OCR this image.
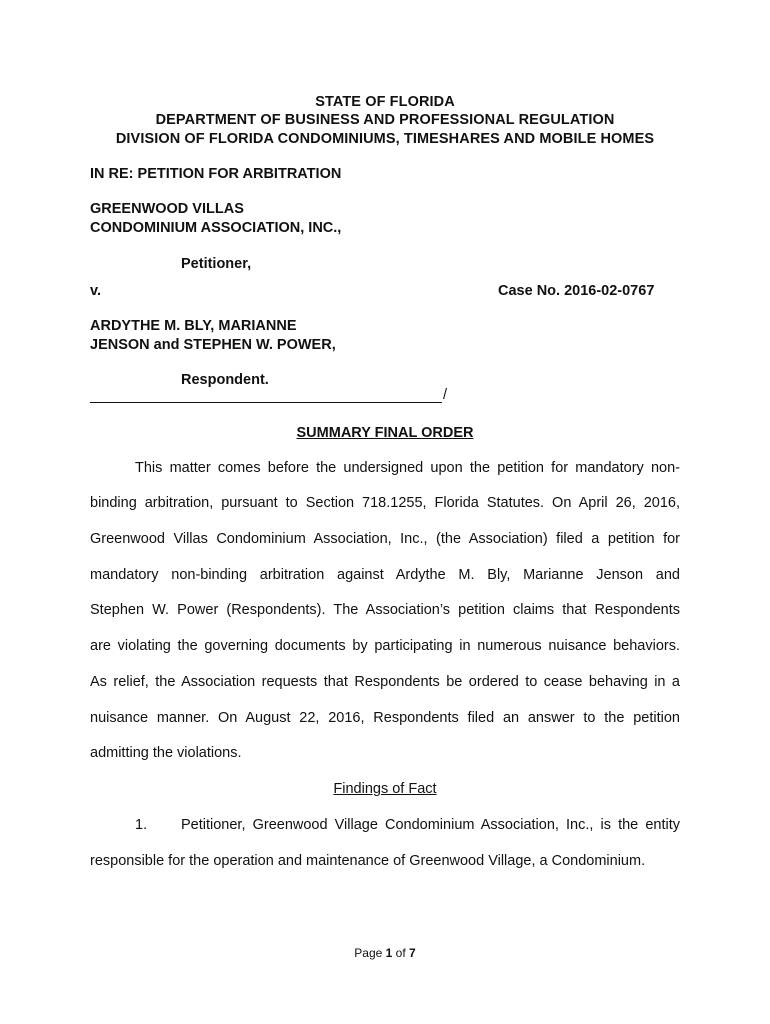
STATE OF FLORIDA
DEPARTMENT OF BUSINESS AND PROFESSIONAL REGULATION
DIVISION OF FLORIDA CONDOMINIUMS, TIMESHARES AND MOBILE HOMES
IN RE: PETITION FOR ARBITRATION
GREENWOOD VILLAS
CONDOMINIUM ASSOCIATION, INC.,
Petitioner,
v.	Case No. 2016-02-0767
ARDYTHE M. BLY, MARIANNE
JENSON and STEPHEN W. POWER,
Respondent.
/
SUMMARY FINAL ORDER
This matter comes before the undersigned upon the petition for mandatory non-
binding arbitration, pursuant to Section 718.1255, Florida Statutes. On April 26, 2016,
Greenwood Villas Condominium Association, Inc., (the Association) filed a petition for
mandatory non-binding arbitration against Ardythe M. Bly, Marianne Jenson and
Stephen W. Power (Respondents). The Association’s petition claims that Respondents
are violating the governing documents by participating in numerous nuisance behaviors.
As relief, the Association requests that Respondents be ordered to cease behaving in a
nuisance manner. On August 22, 2016, Respondents filed an answer to the petition
admitting the violations.
Findings of Fact
1. Petitioner, Greenwood Village Condominium Association, Inc., is the entity
responsible for the operation and maintenance of Greenwood Village, a Condominium.
Page 1 of 7
